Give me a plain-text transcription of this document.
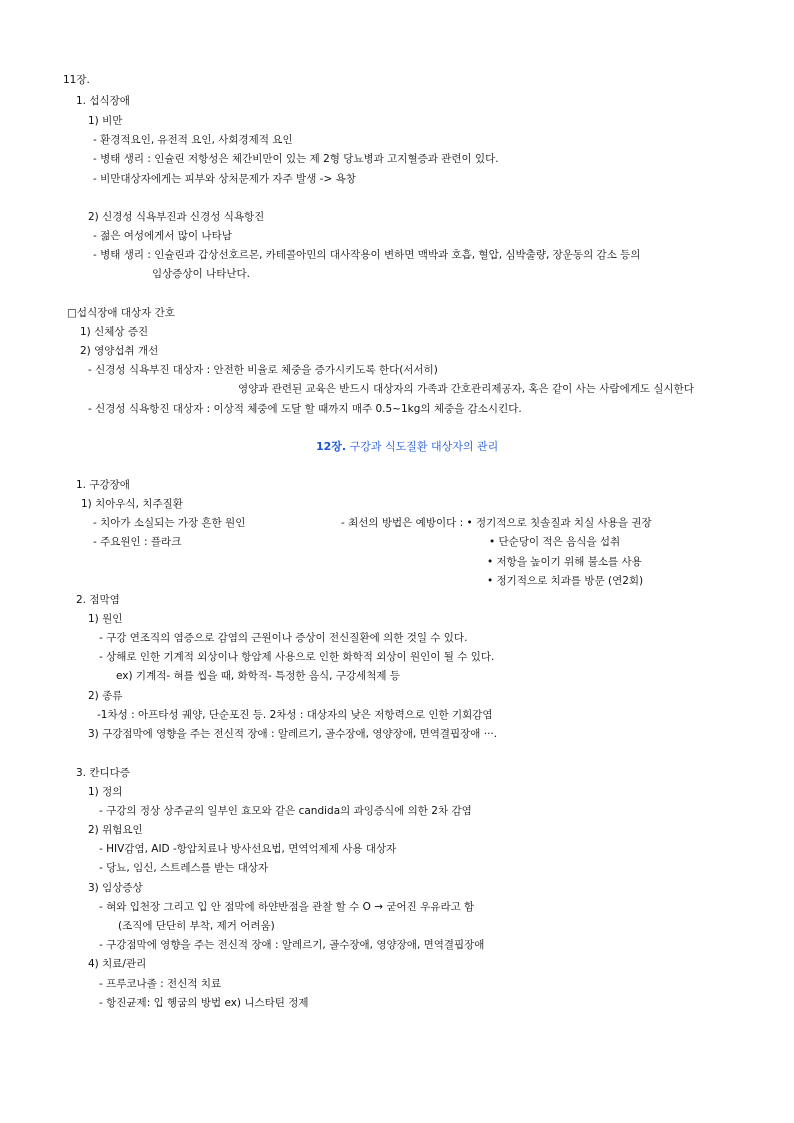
11장.
1. 섭식장애
1) 비만
- 환경적요인, 유전적 요인, 사회경제적 요인
- 병태 생리 : 인슐린 저항성은 체간비만이 있는 제 2형 당뇨병과 고지혈증과 관련이 있다.
- 비만대상자에게는 피부와 상처문제가 자주 발생 -> 욕창
2) 신경성 식욕부진과 신경성 식욕항진
- 젊은 여성에게서 많이 나타남
- 병태 생리 : 인슐린과 갑상선호르몬, 카테콜아민의 대사작용이 변하면 맥박과 호흡, 혈압, 심박출량, 장운동의 감소 등의
임상증상이 나타난다.
□섭식장애 대상자 간호
1) 신체상 증진
2) 영양섭취 개선
- 신경성 식욕부진 대상자 : 안전한 비율로 체중을 증가시키도록 한다(서서히)
영양과 관련된 교육은 반드시 대상자의 가족과 간호관리제공자, 혹은 같이 사는 사람에게도 실시한다
- 신경성 식욕항진 대상자 : 이상적 체중에 도달 할 때까지 매주 0.5~1kg의 체중을 감소시킨다.
12장. 구강과 식도질환 대상자의 관리
1. 구강장애
1) 치아우식, 치주질환
- 치아가 소실되는 가장 흔한 원인
- 주요원인 : 플라크
- 최선의 방법은 예방이다 : • 정기적으로 칫솔질과 치실 사용을 권장
• 단순당이 적은 음식을 섭취
• 저항을 높이기 위해 불소를 사용
• 정기적으로 치과를 방문 (연2회)
2. 점막염
1) 원인
- 구강 연조직의 염증으로 감염의 근원이나 증상이 전신질환에 의한 것일 수 있다.
- 상해로 인한 기계적 외상이나 항암제 사용으로 인한 화학적 외상이 원인이 될 수 있다.
ex) 기계적- 혀를 씹을 때, 화학적- 특정한 음식, 구강세척제 등
2) 종류
-1차성 : 아프타성 궤양, 단순포진 등. 2차성 : 대상자의 낮은 저항력으로 인한 기회감염
3) 구강점막에 영향을 주는 전신적 장애 : 알레르기, 골수장애, 영양장애, 면역결핍장애 ···.
3. 칸디다증
1) 정의
- 구강의 정상 상주균의 일부인 효모와 같은 candida의 과잉증식에 의한 2차 감염
2) 위험요인
- HIV감염, AID -항암치료나 방사선요법, 면역억제제 사용 대상자
- 당뇨, 임신, 스트레스를 받는 대상자
3) 임상증상
- 혀와 입천장 그리고 입 안 점막에 하얀반점을 관찰 할 수 O → 굳어진 우유라고 함
(조직에 단단히 부착, 제거 어려움)
- 구강점막에 영향을 주는 전신적 장애 : 알레르기, 골수장애, 영양장애, 면역결핍장애
4) 치료/관리
- 프루코나졸 : 전신적 치료
- 항진균제: 입 헹굼의 방법 ex) 니스타틴 정제
